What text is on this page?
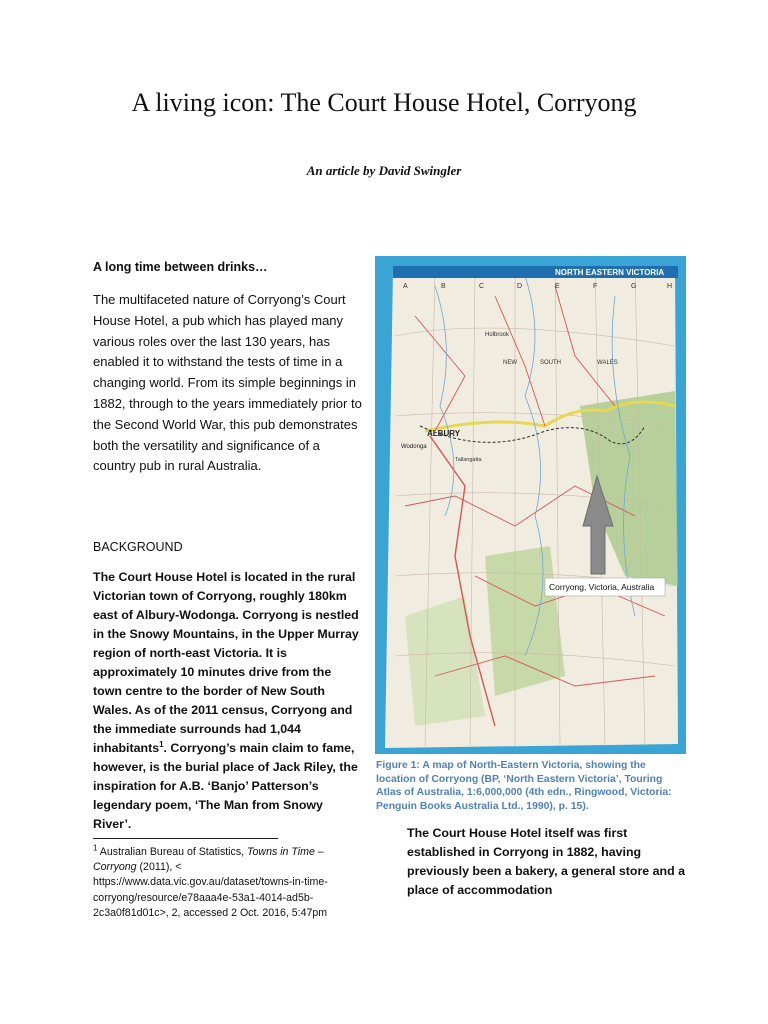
A living icon: The Court House Hotel, Corryong

An article by David Swingler

A long time between drinks…

The multifaceted nature of Corryong’s Court House Hotel, a pub which has played many various roles over the last 130 years, has enabled it to withstand the tests of time in a changing world. From its simple beginnings in 1882, through to the years immediately prior to the Second World War, this pub demonstrates both the versatility and significance of a country pub in rural Australia.

BACKGROUND

The Court House Hotel is located in the rural Victorian town of Corryong, roughly 180km east of Albury-Wodonga. Corryong is nestled in the Snowy Mountains, in the Upper Murray region of north-east Victoria. It is approximately 10 minutes drive from the town centre to the border of New South Wales. As of the 2011 census, Corryong and the immediate surrounds had 1,044 inhabitants$^1$. Corryong’s main claim to fame, however, is the burial place of Jack Riley, the inspiration for A.B. ‘Banjo’ Patterson’s legendary poem, ‘The Man from Snowy River’.

$^1$ Australian Bureau of Statistics, Towns in Time – Corryong (2011), < https://www.data.vic.gov.au/dataset/towns-in-time-corryong/resource/e78aaa4e-53a1-4014-ad5b-2c3a0f81d01c>, 2, accessed 2 Oct. 2016, 5:47pm

NORTH EASTERN VICTORIA
A	B	C	D	E	F	G	H
Holbrook
NEW	SOUTH	WALES
ALBURY
Wodonga
Tallangatta
Corryong, Victoria, Australia

Figure 1: A map of North-Eastern Victoria, showing the location of Corryong (BP, ‘North Eastern Victoria’, Touring Atlas of Australia, 1:6,000,000 (4th edn., Ringwood, Victoria: Penguin Books Australia Ltd., 1990), p. 15).

The Court House Hotel itself was first established in Corryong in 1882, having previously been a bakery, a general store and a place of accommodation
